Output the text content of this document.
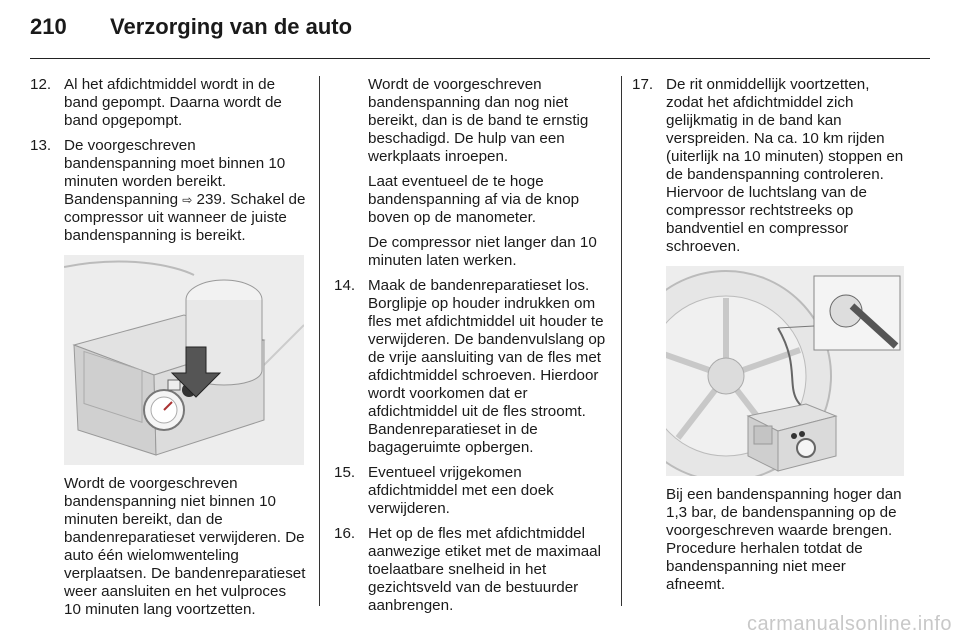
210	Verzorging van de auto
12. Al het afdichtmiddel wordt in de band gepompt. Daarna wordt de band opgepompt.
13. De voorgeschreven bandenspanning moet binnen 10 minuten worden bereikt. Bandenspanning ⇨ 239. Schakel de compressor uit wanneer de juiste bandenspanning is bereikt.
Wordt de voorgeschreven bandenspanning niet binnen 10 minuten bereikt, dan de bandenreparatieset verwijderen. De auto één wielomwenteling verplaatsen. De bandenreparatieset weer aansluiten en het vulproces 10 minuten lang voortzetten.
Wordt de voorgeschreven bandenspanning dan nog niet bereikt, dan is de band te ernstig beschadigd. De hulp van een werkplaats inroepen.
Laat eventueel de te hoge bandenspanning af via de knop boven op de manometer.
De compressor niet langer dan 10 minuten laten werken.
14. Maak de bandenreparatieset los. Borglipje op houder indrukken om fles met afdichtmiddel uit houder te verwijderen. De bandenvulslang op de vrije aansluiting van de fles met afdichtmiddel schroeven. Hierdoor wordt voorkomen dat er afdichtmiddel uit de fles stroomt. Bandenreparatieset in de bagageruimte opbergen.
15. Eventueel vrijgekomen afdichtmiddel met een doek verwijderen.
16. Het op de fles met afdichtmiddel aanwezige etiket met de maximaal toelaatbare snelheid in het gezichtsveld van de bestuurder aanbrengen.
17. De rit onmiddellijk voortzetten, zodat het afdichtmiddel zich gelijkmatig in de band kan verspreiden. Na ca. 10 km rijden (uiterlijk na 10 minuten) stoppen en de bandenspanning controleren. Hiervoor de luchtslang van de compressor rechtstreeks op bandventiel en compressor schroeven.
Bij een bandenspanning hoger dan 1,3 bar, de bandenspanning op de voorgeschreven waarde brengen. Procedure herhalen totdat de bandenspanning niet meer afneemt.
carmanualsonline.info
